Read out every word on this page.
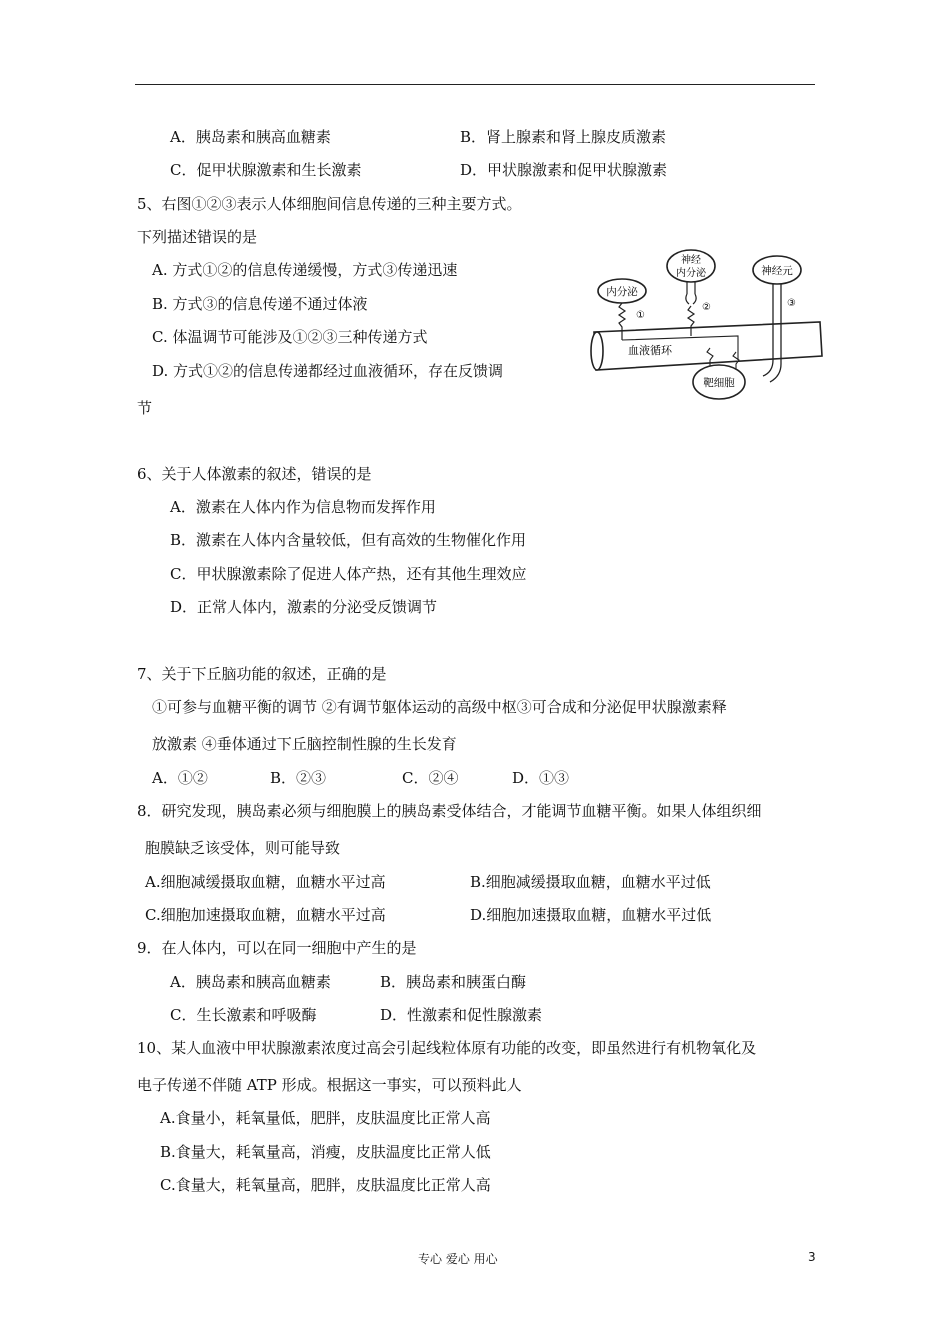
A．胰岛素和胰高血糖素	B．肾上腺素和肾上腺皮质激素
C．促甲状腺激素和生长激素	D．甲状腺激素和促甲状腺激素
5、右图①②③表示人体细胞间信息传递的三种主要方式。
下列描述错误的是
A. 方式①②的信息传递缓慢，方式③传递迅速
B. 方式③的信息传递不通过体液
C. 体温调节可能涉及①②③三种传递方式
D. 方式①②的信息传递都经过血液循环，存在反馈调
节
血液循环
内分泌
①
神经
内分泌
②
神经元
③
靶细胞
6、关于人体激素的叙述，错误的是
A．激素在人体内作为信息物而发挥作用
B．激素在人体内含量较低，但有高效的生物催化作用
C．甲状腺激素除了促进人体产热，还有其他生理效应
D．正常人体内，激素的分泌受反馈调节
7、关于下丘脑功能的叙述，正确的是
①可参与血糖平衡的调节 ②有调节躯体运动的高级中枢③可合成和分泌促甲状腺激素释
放激素 ④垂体通过下丘脑控制性腺的生长发育
A．①②	B．②③	C．②④	D．①③
8．研究发现，胰岛素必须与细胞膜上的胰岛素受体结合，才能调节血糖平衡。如果人体组织细
胞膜缺乏该受体，则可能导致
A.细胞减缓摄取血糖，血糖水平过高	B.细胞减缓摄取血糖，血糖水平过低
C.细胞加速摄取血糖，血糖水平过高	D.细胞加速摄取血糖，血糖水平过低
9．在人体内，可以在同一细胞中产生的是
A．胰岛素和胰高血糖素	B．胰岛素和胰蛋白酶
C．生长激素和呼吸酶	D．性激素和促性腺激素
10、某人血液中甲状腺激素浓度过高会引起线粒体原有功能的改变，即虽然进行有机物氧化及
电子传递不伴随 ATP 形成。根据这一事实，可以预料此人
A.食量小，耗氧量低，肥胖，皮肤温度比正常人高
B.食量大，耗氧量高，消瘦，皮肤温度比正常人低
C.食量大，耗氧量高，肥胖，皮肤温度比正常人高
专心 爱心 用心	3
